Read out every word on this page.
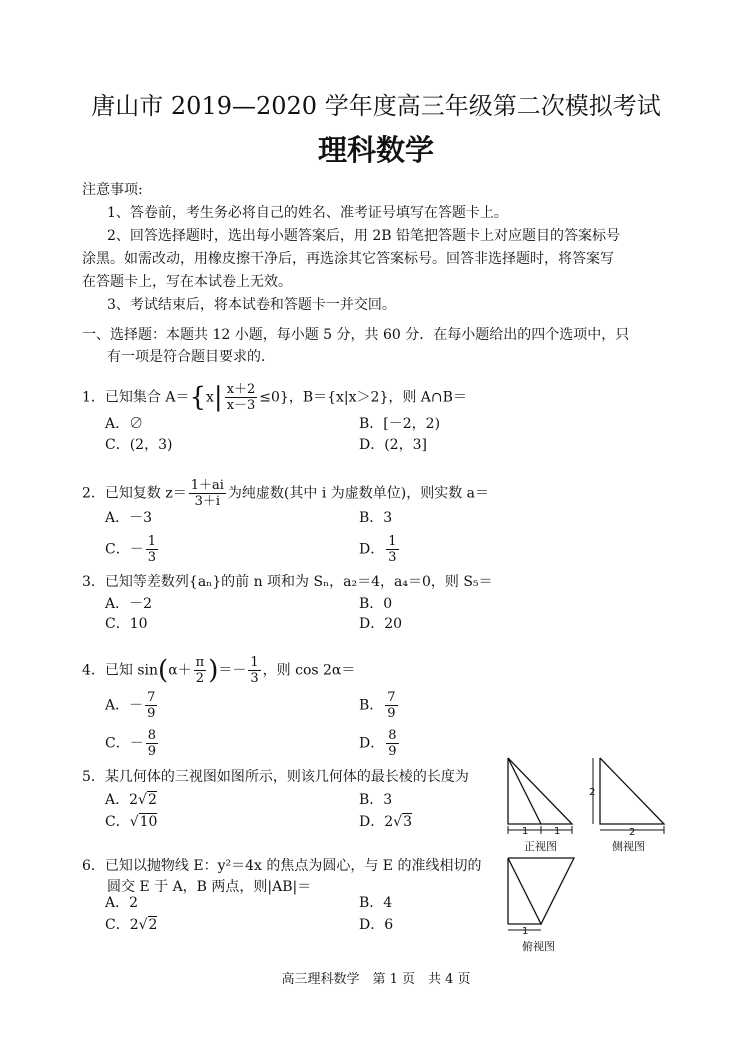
唐山市 2019—2020 学年度高三年级第二次模拟考试
理科数学
注意事项:
1、答卷前，考生务必将自己的姓名、准考证号填写在答题卡上。
2、回答选择题时，选出每小题答案后，用 2B 铅笔把答题卡上对应题目的答案标号
涂黑。如需改动，用橡皮擦干净后，再选涂其它答案标号。回答非选择题时，将答案写
在答题卡上，写在本试卷上无效。
3、考试结束后，将本试卷和答题卡一并交回。
一、选择题：本题共 12 小题，每小题 5 分，共 60 分．在每小题给出的四个选项中，只
有一项是符合题目要求的．
1．已知集合 $A=\{x| \frac{x+2}{x-3} \le 0\}$，B＝{x|x＞2}，则 A∩B＝
A．∅	B．[－2，2)
C．(2，3)	D．(2，3]
2．已知复数 $z= \frac{1+ai}{3+i}$ 为纯虚数(其中 i 为虚数单位)，则实数 a＝
A．－3	B．3
C．－ $\frac{1}{3}$	D． $\frac{1}{3}$
3．已知等差数列{aₙ}的前 n 项和为 Sₙ，a₂＝4，a₄＝0，则 S₅＝
A．－2	B．0
C．10	D．20
4．已知 $\sin(\alpha+ \frac{\pi}{2}$ )＝－ $\frac{1}{3}$ ，则 cos 2α＝
A．－ $\frac{7}{9}$	B． $\frac{7}{9}$
C．－ $\frac{8}{9}$	D． $\frac{8}{9}$
5．某几何体的三视图如图所示，则该几何体的最长棱的长度为
A．2√2	B．3
C．√10	D．2√3
6．已知以抛物线 E：y²＝4x 的焦点为圆心，与 E 的准线相切的
圆交 E 于 A，B 两点，则|AB|＝
A．2	B．4
C．2√2	D．6
1	1
正视图
2
2
侧视图
1
俯视图
高三理科数学　第 1 页　共 4 页
